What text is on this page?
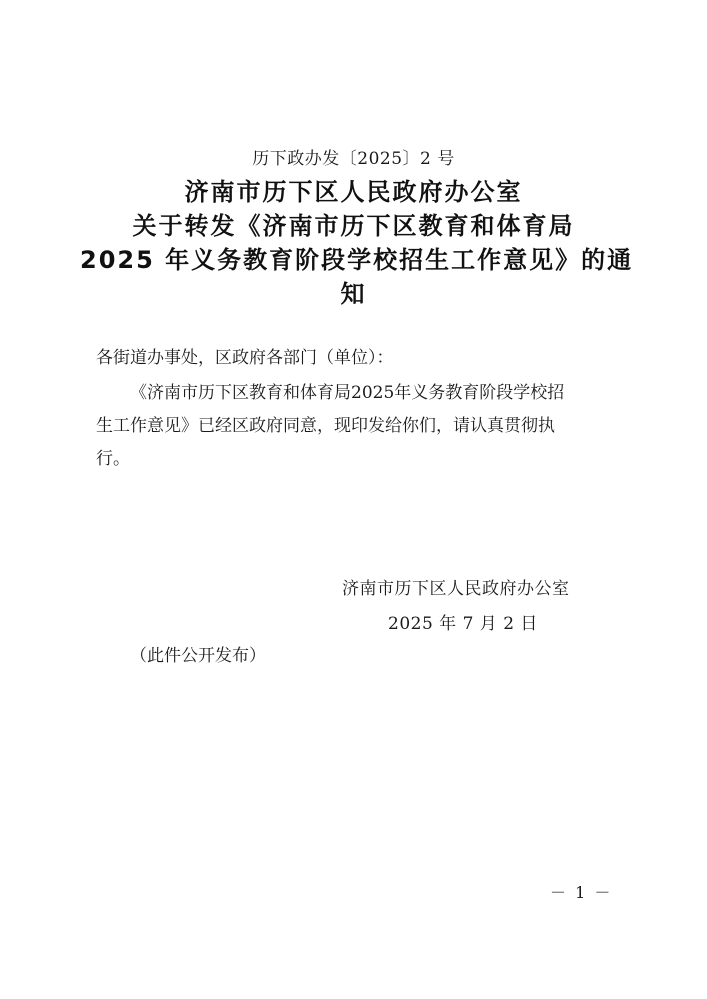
历下政办发〔2025〕2 号
济南市历下区人民政府办公室
关于转发《济南市历下区教育和体育局
2025 年义务教育阶段学校招生工作意见》的通
知
各街道办事处，区政府各部门（单位）：
《济南市历下区教育和体育局2025年义务教育阶段学校招
生工作意见》已经区政府同意，现印发给你们，请认真贯彻执
行。
济南市历下区人民政府办公室
2025 年 7 月 2 日
（此件公开发布）
－ 1 －
